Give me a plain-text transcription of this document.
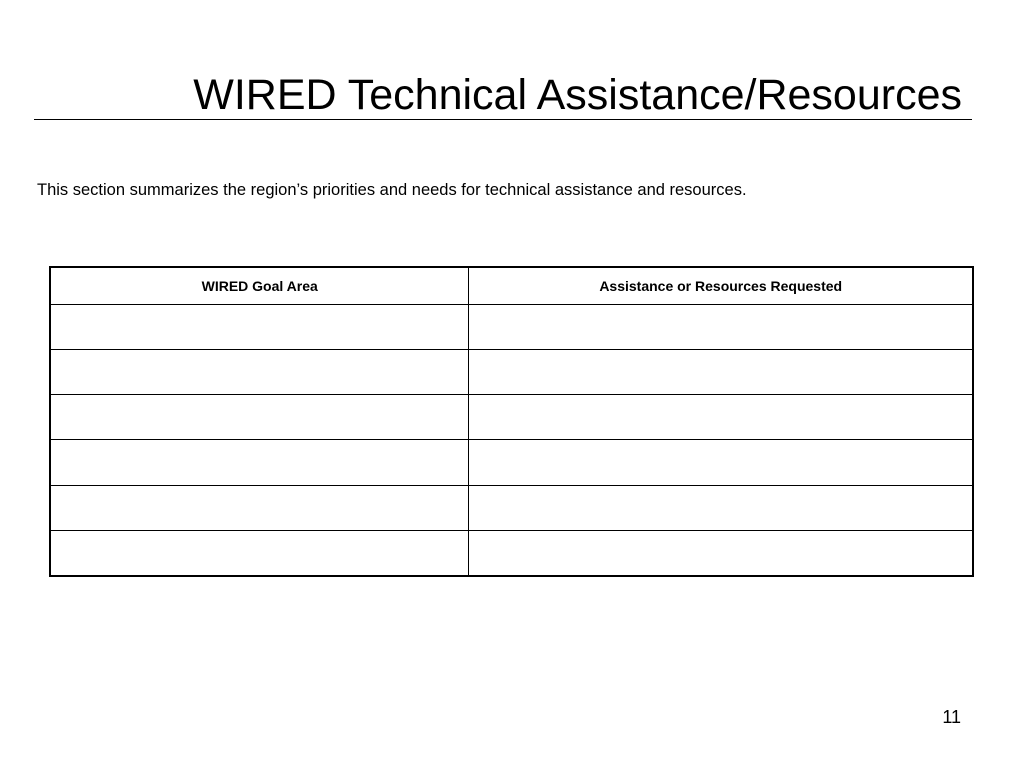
WIRED Technical Assistance/Resources

This section summarizes the region’s priorities and needs for technical assistance and resources.

WIRED Goal Area	Assistance or Resources Requested

11
